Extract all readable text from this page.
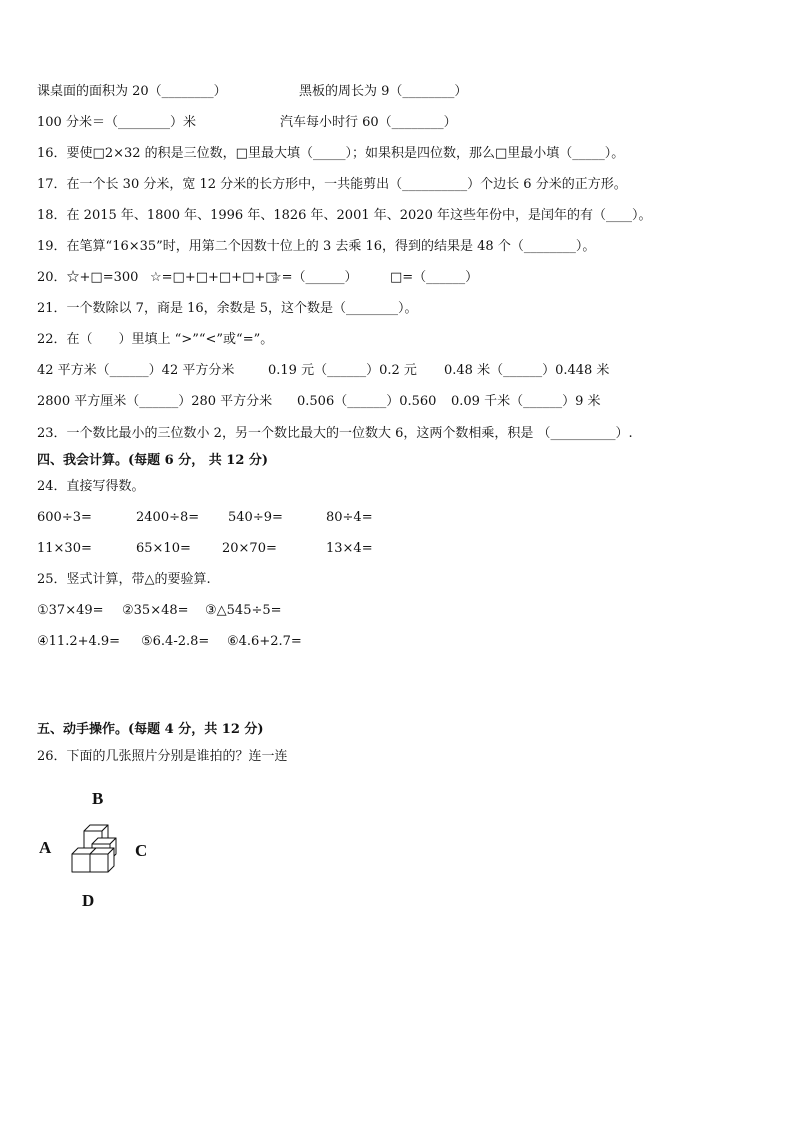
课桌面的面积为 20（________）	黑板的周长为 9（________）
100 分米＝（________）米	汽车每小时行 60（________）
16．要使□2×32 的积是三位数，□里最大填（_____）；如果积是四位数，那么□里最小填（_____）。
17．在一个长 30 分米，宽 12 分米的长方形中，一共能剪出（__________）个边长 6 分米的正方形。
18．在 2015 年、1800 年、1996 年、1826 年、2001 年、2020 年这些年份中，是闰年的有（____）。
19．在笔算“16×35”时，用第二个因数十位上的 3 去乘 16，得到的结果是 48 个（________）。
20．☆+□=300 ☆=□+□+□+□+□
☆=（______） □=（______）
21．一个数除以 7，商是 16，余数是 5，这个数是（________）。
22．在（　　）里填上 “>”“<”或“=”。
42 平方米（______）42 平方分米	0.19 元（______）0.2 元 0.48 米（______）0.448 米
2800 平方厘米（______）280 平方分米 0.506（______）0.560 0.09 千米（______）9 米
23．一个数比最小的三位数小 2，另一个数比最大的一位数大 6，这两个数相乘，积是 （__________）.
四、我会计算。(每题 6 分， 共 12 分)
24．直接写得数。
600÷3=	2400÷8= 540÷9=	80÷4=
11×30=	65×10= 20×70=	13×4=
25．竖式计算，带△的要验算.
①37×49= ②35×48= ③△545÷5=
④11.2+4.9= ⑤6.4-2.8= ⑥4.6+2.7=
五、动手操作。(每题 4 分，共 12 分)
26．下面的几张照片分别是谁拍的？连一连
B
A	C
D
